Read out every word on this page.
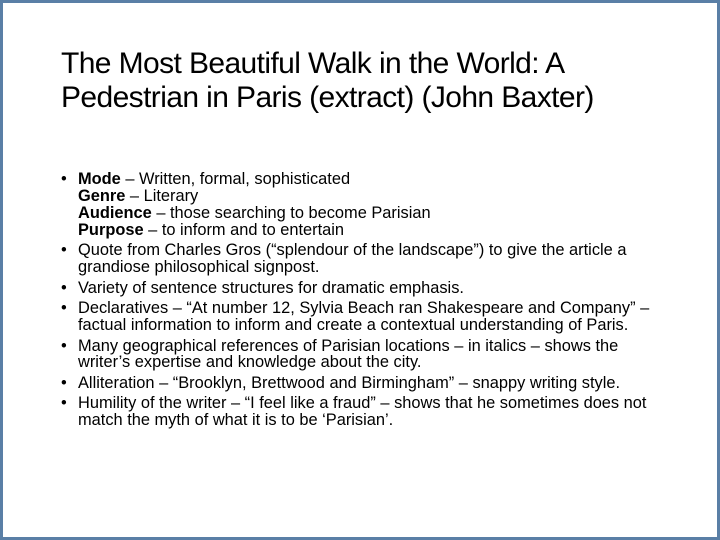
The Most Beautiful Walk in the World: A Pedestrian in Paris (extract) (John Baxter)
• Mode – Written, formal, sophisticated
Genre – Literary
Audience – those searching to become Parisian
Purpose – to inform and to entertain
• Quote from Charles Gros (“splendour of the landscape”) to give the article a grandiose philosophical signpost.
• Variety of sentence structures for dramatic emphasis.
• Declaratives – “At number 12, Sylvia Beach ran Shakespeare and Company” – factual information to inform and create a contextual understanding of Paris.
• Many geographical references of Parisian locations – in italics – shows the writer’s expertise and knowledge about the city.
• Alliteration – “Brooklyn, Brettwood and Birmingham” – snappy writing style.
• Humility of the writer – “I feel like a fraud” – shows that he sometimes does not match the myth of what it is to be ‘Parisian’.
